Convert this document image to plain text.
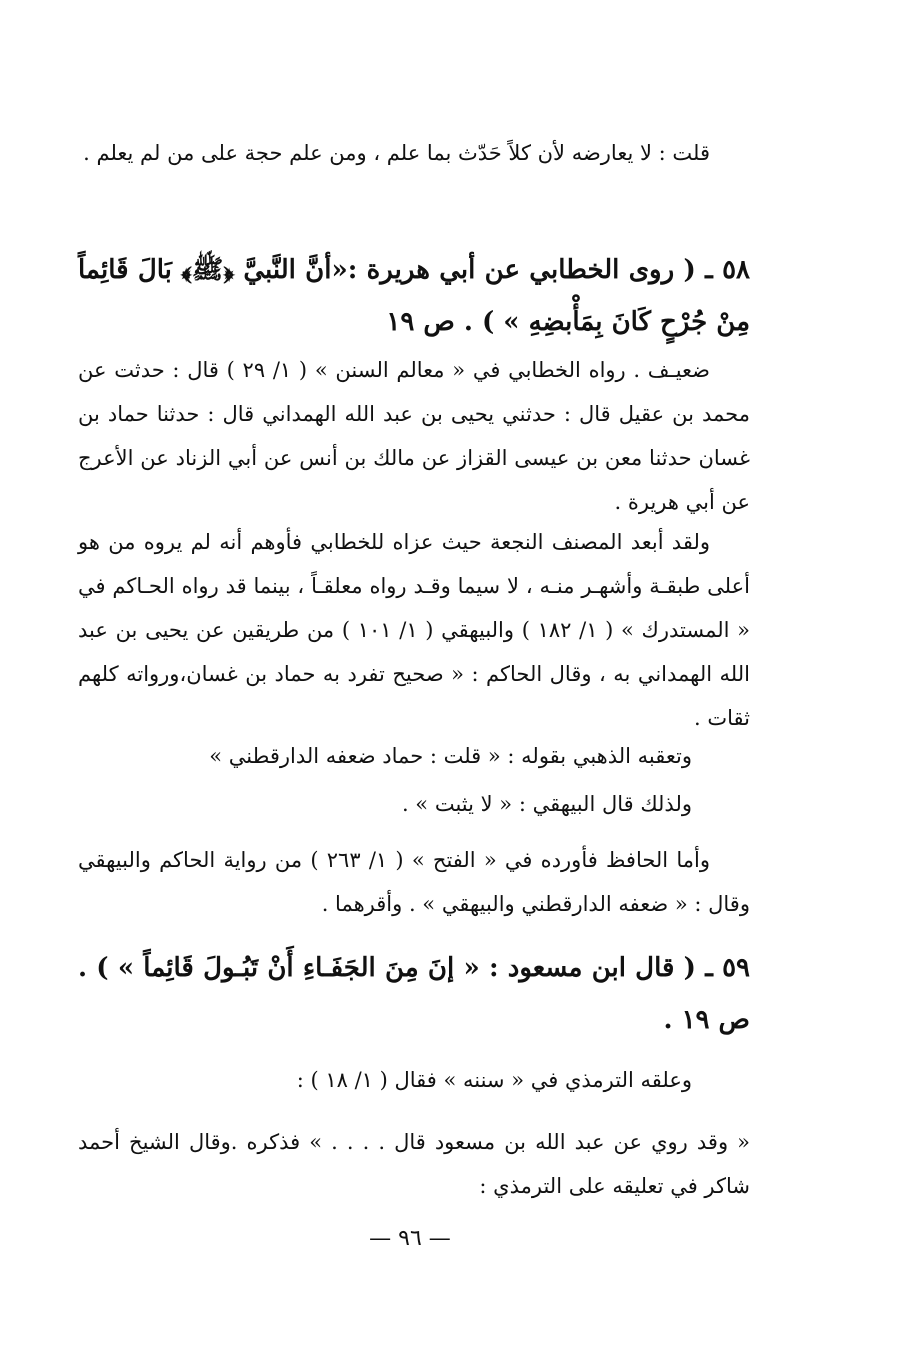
قلت : لا يعارضه لأن كلاً حَدّث بما علم ، ومن علم حجة على من لم يعلم .

٥٨ ـ ( روى الخطابي عن أبي هريرة :«أنَّ النَّبيَّ ﴿ﷺ﴾ بَالَ قَائِماً مِنْ جُرْحٍ كَانَ بِمَأْبضِهِ » ) . ص ١٩

ضعيـف . رواه الخطابي في « معالم السنن » ( ١/ ٢٩ ) قال : حدثت عن محمد بن عقيل قال : حدثني يحيى بن عبد الله الهمداني قال : حدثنا حماد بن غسان حدثنا معن بن عيسى القزاز عن مالك بن أنس عن أبي الزناد عن الأعرج عن أبي هريرة .

ولقد أبعد المصنف النجعة حيث عزاه للخطابي فأوهم أنه لم يروه من هو أعلى طبقـة وأشهـر منـه ، لا سيما وقـد رواه معلقـاً ، بينما قد رواه الحـاكم في « المستدرك » ( ١/ ١٨٢ ) والبيهقي ( ١/ ١٠١ ) من طريقين عن يحيى بن عبد الله الهمداني به ، وقال الحاكم : « صحيح تفرد به حماد بن غسان،ورواته كلهم ثقات .

وتعقبه الذهبي بقوله : « قلت : حماد ضعفه الدارقطني »

ولذلك قال البيهقي : « لا يثبت » .

وأما الحافظ فأورده في « الفتح » ( ١/ ٢٦٣ ) من رواية الحاكم والبيهقي وقال : « ضعفه الدارقطني والبيهقي » . وأقرهما .

٥٩ ـ ( قال ابن مسعود : « إنَ مِنَ الجَفَـاءِ أَنْ تَبُـولَ قَائِماً » ) . ص ١٩ .

وعلقه الترمذي في « سننه » فقال ( ١/ ١٨ ) :

« وقد روي عن عبد الله بن مسعود قال . . . . » فذكره .وقال الشيخ أحمد شاكر في تعليقه على الترمذي :

— ٩٦ —
